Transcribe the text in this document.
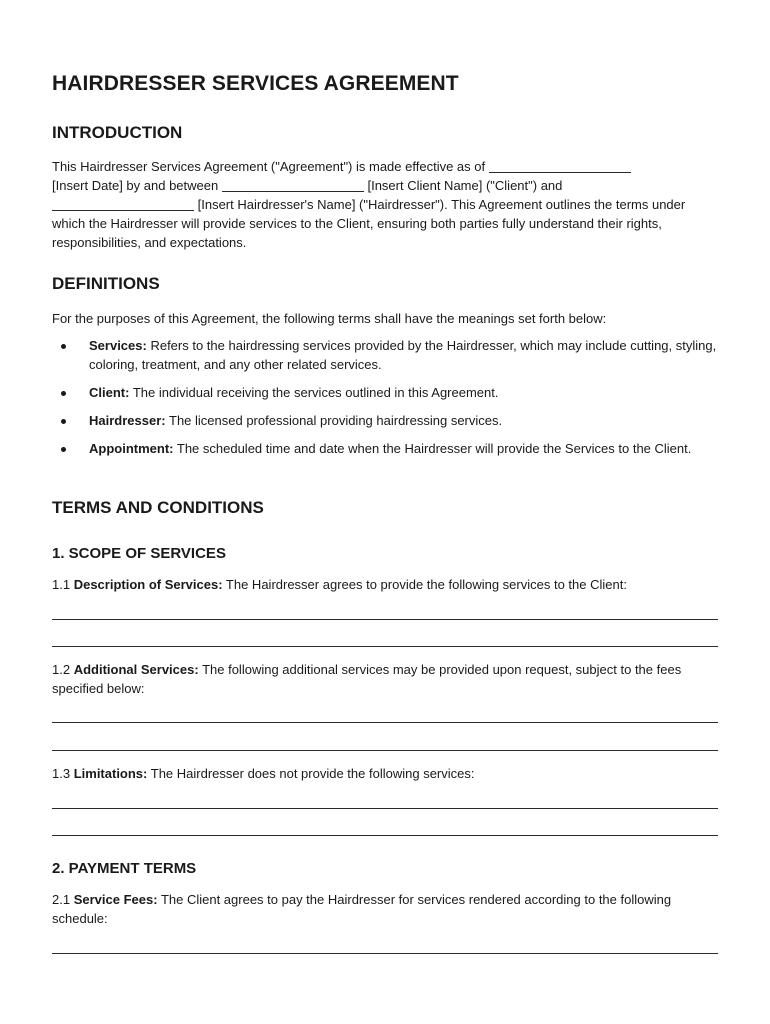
HAIRDRESSER SERVICES AGREEMENT
INTRODUCTION

This Hairdresser Services Agreement ("Agreement") is made effective as of
[Insert Date] by and between	[Insert Client Name] ("Client") and
[Insert Hairdresser's Name] ("Hairdresser"). This Agreement outlines the terms under which the Hairdresser will provide services to the Client, ensuring both parties fully understand their rights, responsibilities, and expectations.

DEFINITIONS

For the purposes of this Agreement, the following terms shall have the meanings set forth below:

Services: Refers to the hairdressing services provided by the Hairdresser, which may include cutting, styling, coloring, treatment, and any other related services.
Client: The individual receiving the services outlined in this Agreement.
Hairdresser: The licensed professional providing hairdressing services.
Appointment: The scheduled time and date when the Hairdresser will provide the Services to the Client.
TERMS AND CONDITIONS
1. SCOPE OF SERVICES

1.1 Description of Services: The Hairdresser agrees to provide the following services to the Client:

1.2 Additional Services: The following additional services may be provided upon request, subject to the fees specified below:

1.3 Limitations: The Hairdresser does not provide the following services:

2. PAYMENT TERMS

2.1 Service Fees: The Client agrees to pay the Hairdresser for services rendered according to the following schedule:
